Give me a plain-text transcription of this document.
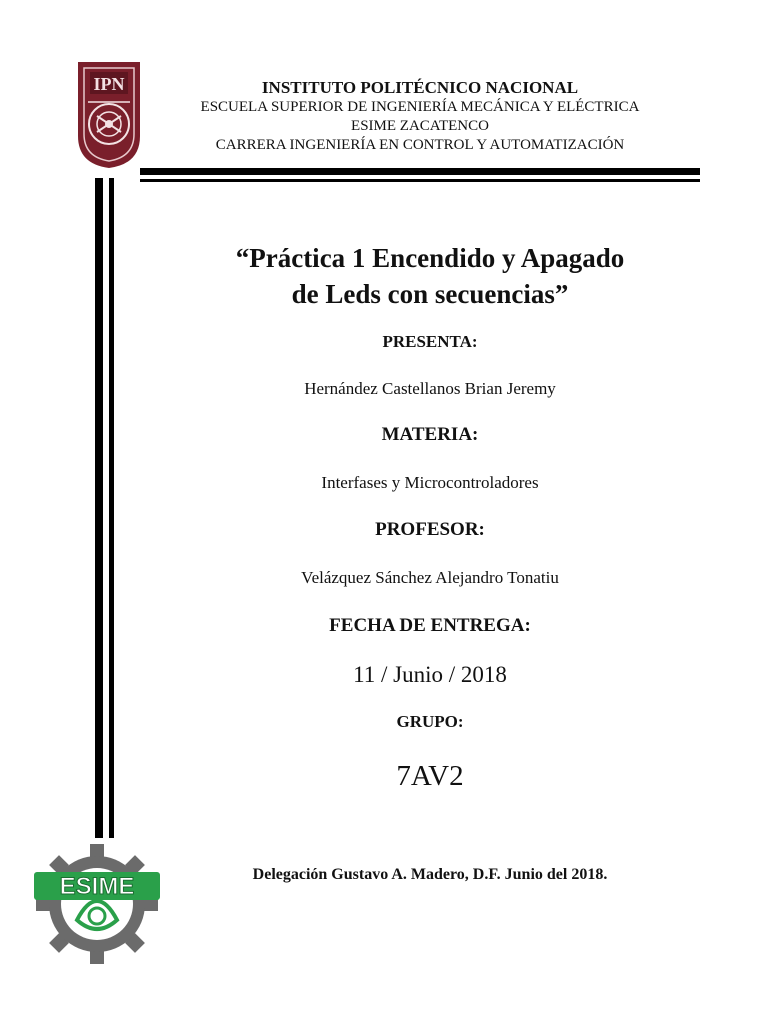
IPN	INSTITUTO POLITÉCNICO NACIONAL
ESCUELA SUPERIOR DE INGENIERÍA MECÁNICA Y ELÉCTRICA
ESIME ZACATENCO
CARRERA INGENIERÍA EN CONTROL Y AUTOMATIZACIÓN
“Práctica 1 Encendido y Apagado
de Leds con secuencias”
PRESENTA:
Hernández Castellanos Brian Jeremy
MATERIA:
Interfases y Microcontroladores
PROFESOR:
Velázquez Sánchez Alejandro Tonatiu
FECHA DE ENTREGA:
11 / Junio / 2018
GRUPO:
7AV2
Delegación Gustavo A. Madero, D.F. Junio del 2018.
ESIME
